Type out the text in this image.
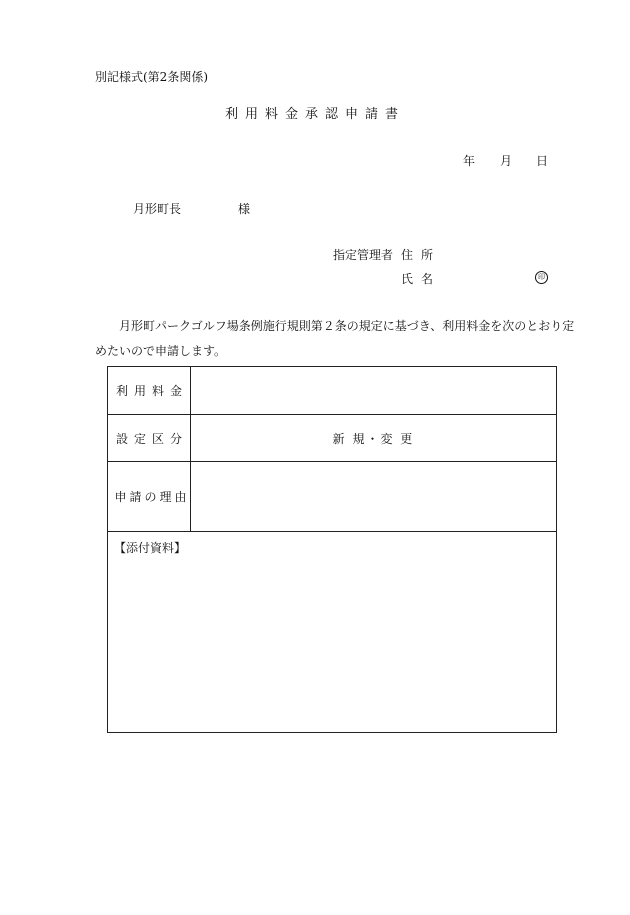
別記様式(第2条関係)
利用料金承認申請書
年 月 日
月形町長	様
指定管理者 住所
氏名	印
月形町パークゴルフ場条例施行規則第２条の規定に基づき、利用料金を次のとおり定めたいので申請します。
利用料金
設定区分	新 規・変 更
申請の理由
【添付資料】
